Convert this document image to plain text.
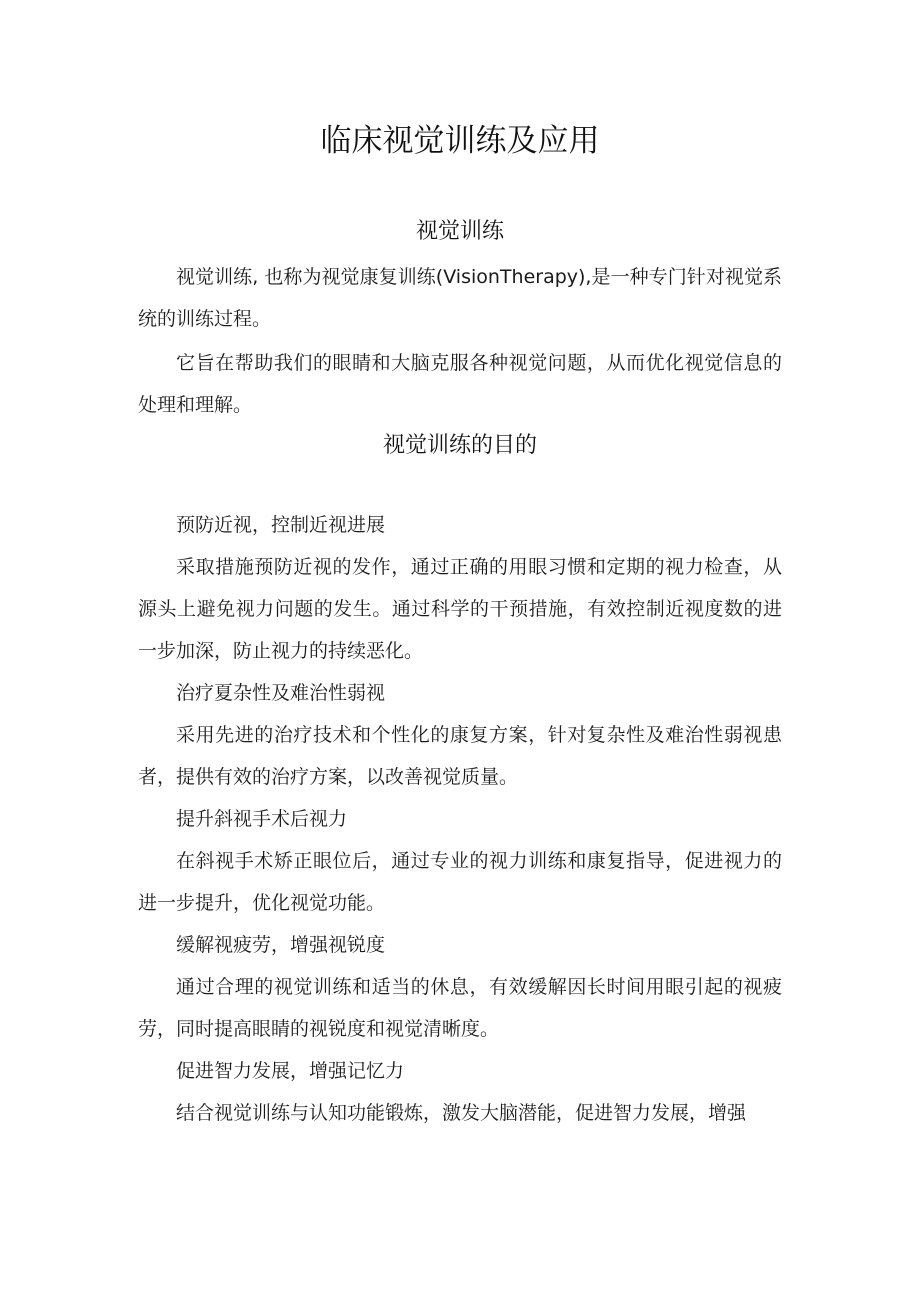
临床视觉训练及应用
视觉训练

视觉训练, 也称为视觉康复训练(VisionTherapy),是一种专门针对视觉系统的训练过程。

它旨在帮助我们的眼睛和大脑克服各种视觉问题，从而优化视觉信息的处理和理解。

视觉训练的目的

预防近视，控制近视进展

采取措施预防近视的发作，通过正确的用眼习惯和定期的视力检查，从源头上避免视力问题的发生。通过科学的干预措施，有效控制近视度数的进一步加深，防止视力的持续恶化。

治疗夏杂性及难治性弱视

采用先进的治疗技术和个性化的康复方案，针对复杂性及难治性弱视患者，提供有效的治疗方案，以改善视觉质量。

提升斜视手术后视力

在斜视手术矫正眼位后，通过专业的视力训练和康复指导，促进视力的进一步提升，优化视觉功能。

缓解视疲劳，增强视锐度

通过合理的视觉训练和适当的休息，有效缓解因长时间用眼引起的视疲劳，同时提高眼睛的视锐度和视觉清晰度。

促进智力发展，增强记忆力

结合视觉训练与认知功能锻炼，激发大脑潜能，促进智力发展，增强
